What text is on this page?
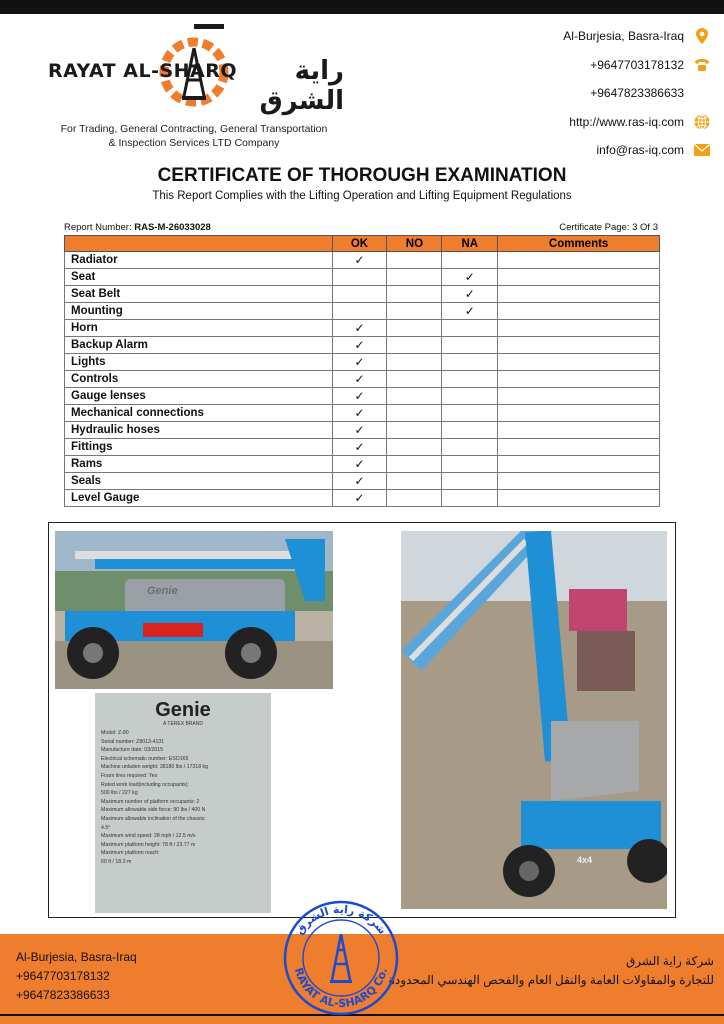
RAYAT AL-SHARQ	راية الشرق
For Trading, General Contracting, General Transportation
& Inspection Services LTD Company
Al-Burjesia, Basra-Iraq
+9647703178132
+9647823386633
http://www.ras-iq.com
info@ras-iq.com
CERTIFICATE OF THOROUGH EXAMINATION
This Report Complies with the Lifting Operation and Lifting Equipment Regulations
Report Number: RAS-M-26033028	Certificate Page: 3 Of 3
	OK	NO	NA	Comments
Radiator	✓			
Seat			✓	
Seat Belt			✓	
Mounting			✓	
Horn	✓			
Backup Alarm	✓			
Lights	✓			
Controls	✓			
Gauge lenses	✓			
Mechanical connections	✓			
Hydraulic hoses	✓			
Fittings	✓			
Rams	✓			
Seals	✓			
Level Gauge	✓			
Genie
Genie
A TEREX BRAND
Model: Z-80
Serial number: Z8013-4131
Manufacture date: 03/2015
Electrical schematic number: ESO165
Machine unladen weight: 38180 lbs / 17318 kg
Foam tires required: Yes
Rated work load(including occupants):
500 lbs / 227 kg
Maximum number of platform occupants: 2
Maximum allowable side force: 90 lbs / 400 N
Maximum allowable inclination of the chassis:
4.5°
Maximum wind speed: 28 mph / 12.5 m/s
Maximum platform height: 78 ft / 23.77 m
Maximum platform reach:
60 ft / 18.3 m	4x4
Al-Burjesia, Basra-Iraq
+9647703178132
+9647823386633
شركة راية الشرق
للتجارة والمقاولات العامة والنقل العام والفحص الهندسي المحدودة
شركة راية الشرق
RAYAT AL-SHARQ Co.
